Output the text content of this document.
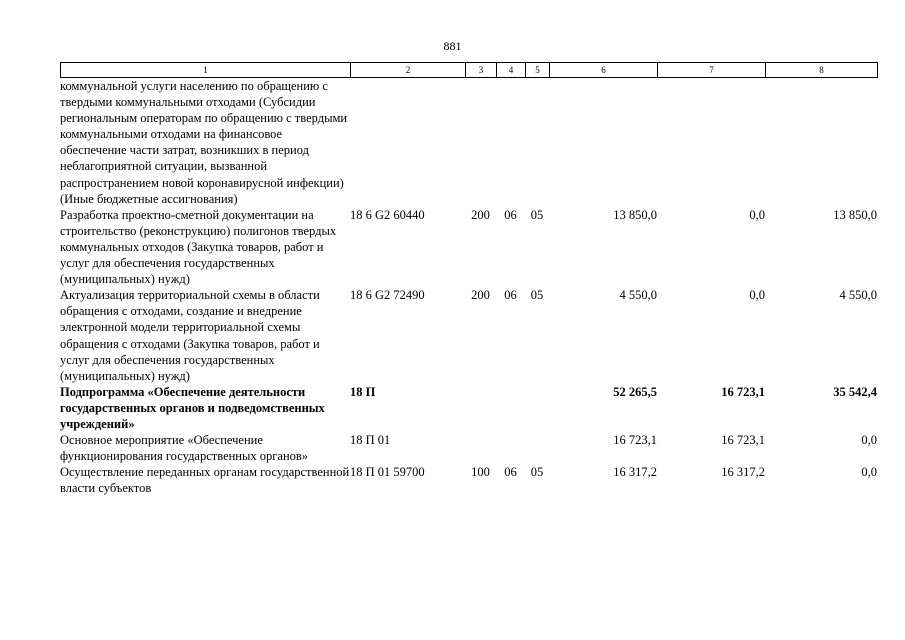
881
1	2	3	4	5	6	7	8
коммунальной услуги населению по обращению с твердыми коммунальными отходами (Субсидии региональным операторам по обращению с твердыми коммунальными отходами на финансовое обеспечение части затрат, возникших в период неблагоприятной ситуации, вызванной распространением новой коронавирусной инфекции) (Иные бюджетные ассигнования)							
Разработка проектно-сметной документации на строительство (реконструкцию) полигонов твердых коммунальных отходов (Закупка товаров, работ и услуг для обеспечения государственных (муниципальных) нужд)	18 6 G2 60440	200	06	05	13 850,0	0,0	13 850,0
Актуализация территориальной схемы в области обращения с отходами, создание и внедрение электронной модели территориальной схемы обращения с отходами (Закупка товаров, работ и услуг для обеспечения государственных (муниципальных) нужд)	18 6 G2 72490	200	06	05	4 550,0	0,0	4 550,0
Подпрограмма «Обеспечение деятельности государственных органов и подведомственных учреждений»	18 П				52 265,5	16 723,1	35 542,4
Основное мероприятие «Обеспечение функционирования государственных органов»	18 П 01				16 723,1	16 723,1	0,0
Осуществление переданных органам государственной власти субъектов	18 П 01 59700	100	06	05	16 317,2	16 317,2	0,0
